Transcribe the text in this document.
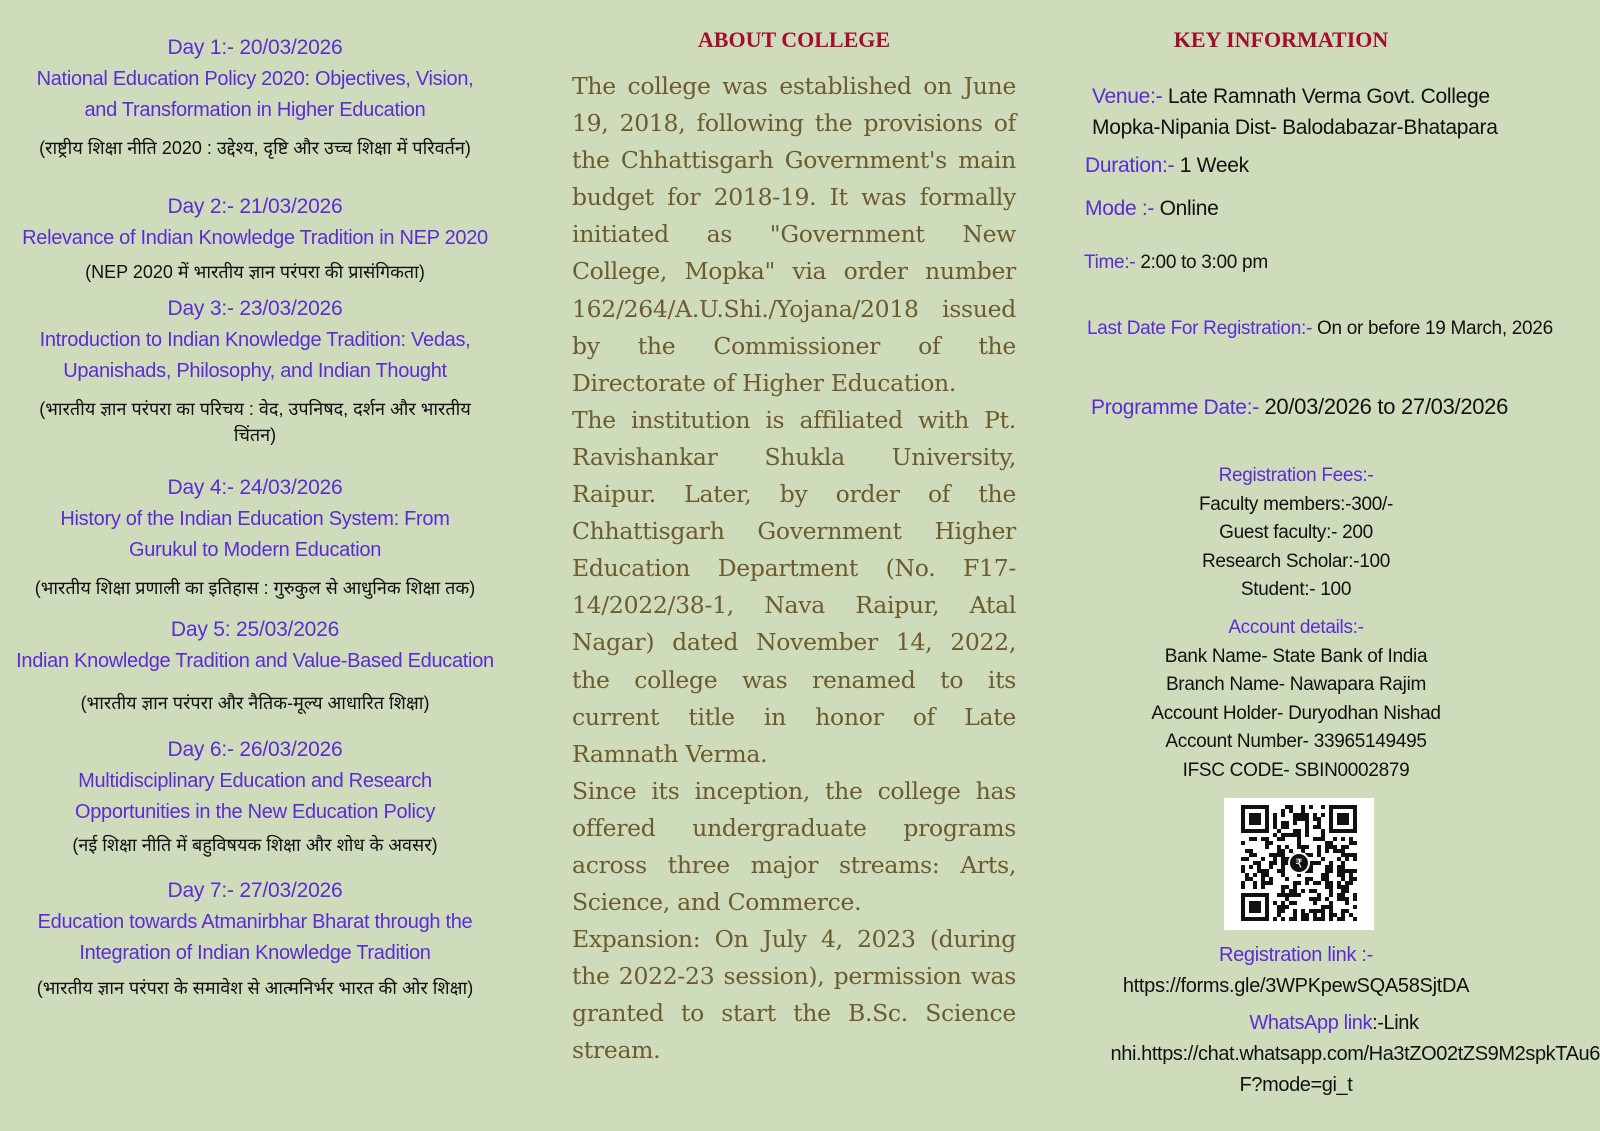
Day 1:- 20/03/2026
National Education Policy 2020: Objectives, Vision,
and Transformation in Higher Education
(राष्ट्रीय शिक्षा नीति 2020 : उद्देश्य, दृष्टि और उच्च शिक्षा में परिवर्तन)
Day 2:- 21/03/2026
Relevance of Indian Knowledge Tradition in NEP 2020
(NEP 2020 में भारतीय ज्ञान परंपरा की प्रासंगिकता)
Day 3:- 23/03/2026
Introduction to Indian Knowledge Tradition: Vedas,
Upanishads, Philosophy, and Indian Thought
(भारतीय ज्ञान परंपरा का परिचय : वेद, उपनिषद, दर्शन और भारतीय
चिंतन)
Day 4:- 24/03/2026
History of the Indian Education System: From
Gurukul to Modern Education
(भारतीय शिक्षा प्रणाली का इतिहास : गुरुकुल से आधुनिक शिक्षा तक)
Day 5: 25/03/2026
Indian Knowledge Tradition and Value-Based Education
(भारतीय ज्ञान परंपरा और नैतिक-मूल्य आधारित शिक्षा)
Day 6:- 26/03/2026
Multidisciplinary Education and Research
Opportunities in the New Education Policy
(नई शिक्षा नीति में बहुविषयक शिक्षा और शोध के अवसर)
Day 7:- 27/03/2026
Education towards Atmanirbhar Bharat through the
Integration of Indian Knowledge Tradition
(भारतीय ज्ञान परंपरा के समावेश से आत्मनिर्भर भारत की ओर शिक्षा)
ABOUT COLLEGE

The college was established on June 19, 2018, following the provisions of the Chhattisgarh Government's main budget for 2018-19. It was formally initiated as "Government New College, Mopka" via order number 162/264/A.U.Shi./Yojana/2018 issued by the Commissioner of the Directorate of Higher Education.

The institution is affiliated with Pt. Ravishankar Shukla University, Raipur. Later, by order of the Chhattisgarh Government Higher Education Department (No. F17-14/2022/38-1, Nava Raipur, Atal Nagar) dated November 14, 2022, the college was renamed to its current title in honor of Late Ramnath Verma.

Since its inception, the college has offered undergraduate programs across three major streams: Arts, Science, and Commerce.

Expansion: On July 4, 2023 (during the 2022-23 session), permission was granted to start the B.Sc. Science stream.

KEY INFORMATION
Venue:- Late Ramnath Verma Govt. College
Mopka-Nipania Dist- Balodabazar-Bhatapara
Duration:- 1 Week
Mode :- Online
Time:- 2:00 to 3:00 pm
Last Date For Registration:- On or before 19 March, 2026
Programme Date:- 20/03/2026 to 27/03/2026
Registration Fees:-
Faculty members:-300/-
Guest faculty:- 200
Research Scholar:-100
Student:- 100
Account details:-
Bank Name- State Bank of India
Branch Name- Nawapara Rajim
Account Holder- Duryodhan Nishad
Account Number- 33965149495
IFSC CODE- SBIN0002879
₹
Registration link :-
https://forms.gle/3WPKpewSQA58SjtDA
WhatsApp link:-Link
nhi.https://chat.whatsapp.com/Ha3tZO02tZS9M2spkTAu6
F?mode=gi_t
